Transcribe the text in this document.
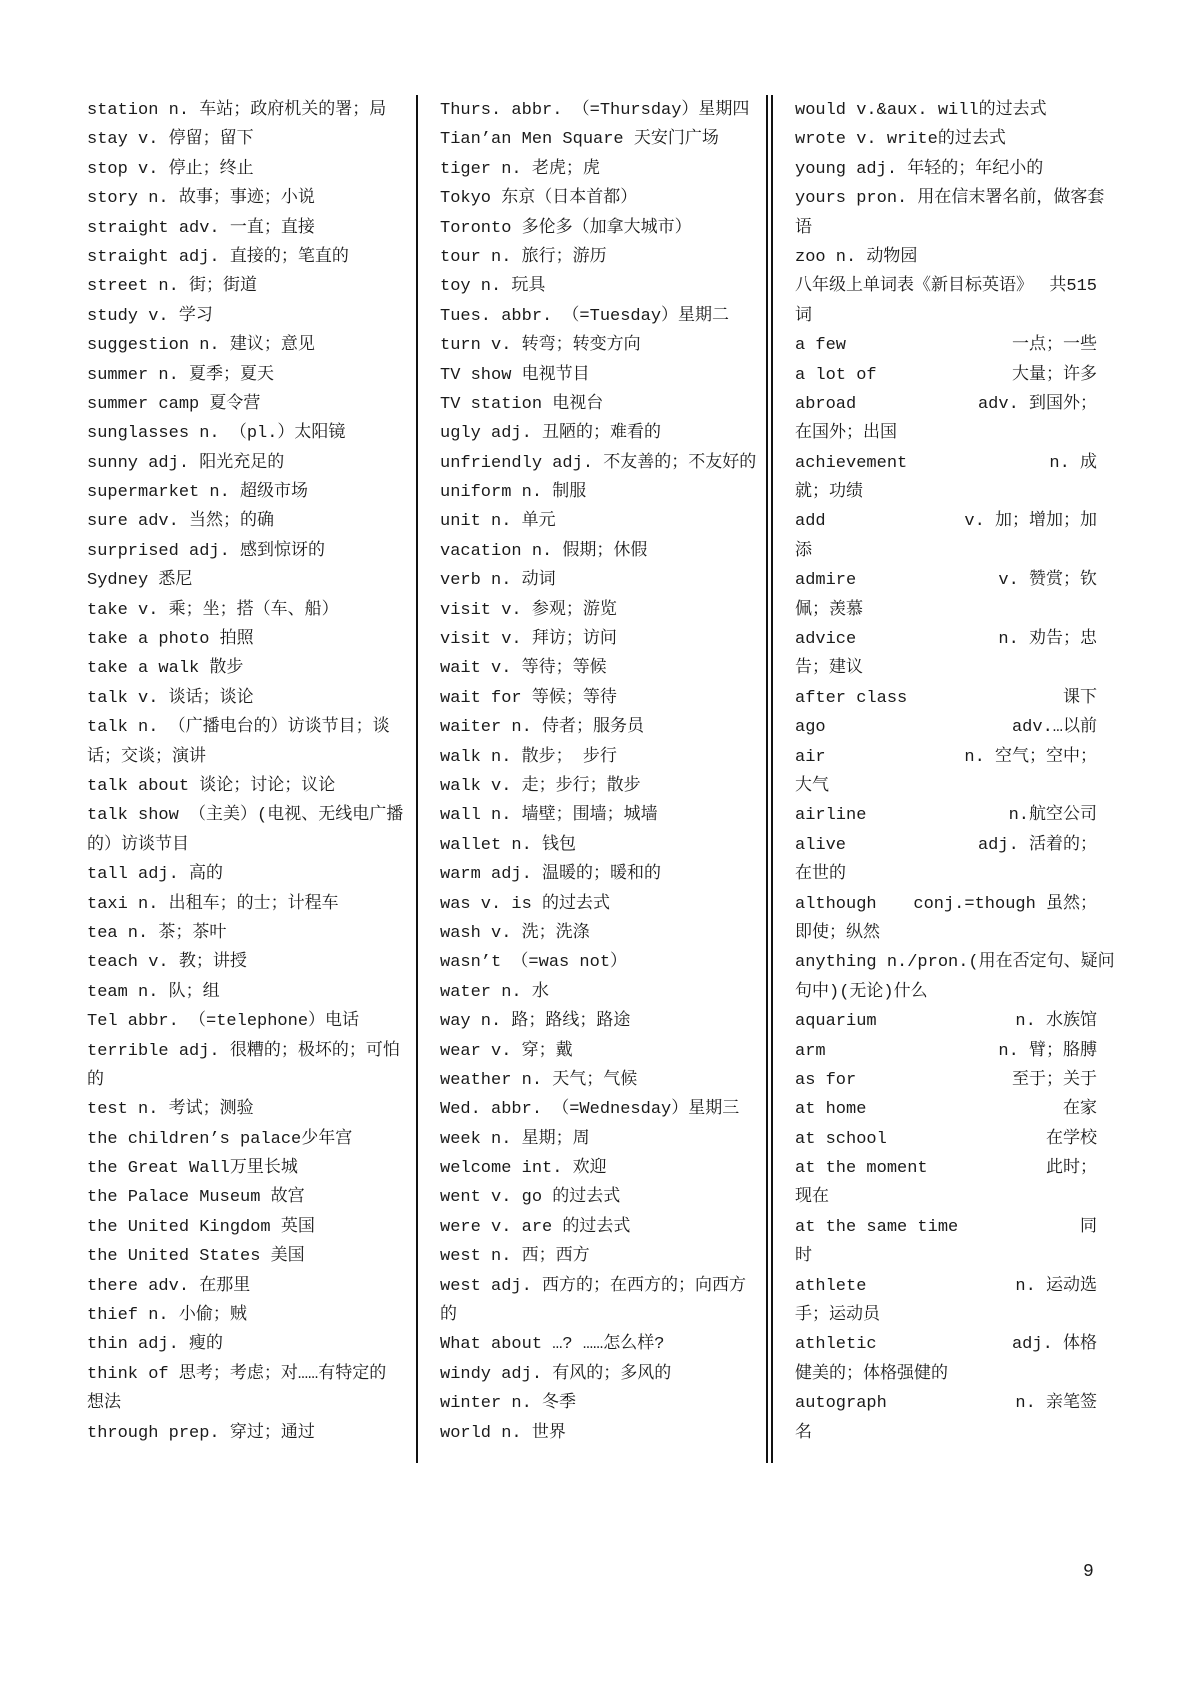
station n. 车站；政府机关的署；局
stay v. 停留；留下
stop v. 停止；终止
story n. 故事；事迹；小说
straight adv. 一直；直接
straight adj. 直接的；笔直的
street n. 街；街道
study v. 学习
suggestion n. 建议；意见
summer n. 夏季；夏天
summer camp 夏令营
sunglasses n. （pl.）太阳镜
sunny adj. 阳光充足的
supermarket n. 超级市场
sure adv. 当然；的确
surprised adj. 感到惊讶的
Sydney 悉尼
take v. 乘；坐；搭（车、船）
take a photo 拍照
take a walk 散步
talk v. 谈话；谈论
talk n. （广播电台的）访谈节目；谈
话；交谈；演讲
talk about 谈论；讨论；议论
talk show （主美）(电视、无线电广播
的）访谈节目
tall adj. 高的
taxi n. 出租车；的士；计程车
tea n. 茶；茶叶
teach v. 教；讲授
team n. 队；组
Tel abbr. （=telephone）电话
terrible adj. 很糟的；极坏的；可怕
的
test n. 考试；测验
the children’s palace少年宫
the Great Wall万里长城
the Palace Museum 故宫
the United Kingdom 英国
the United States 美国
there adv. 在那里
thief n. 小偷；贼
thin adj. 瘦的
think of 思考；考虑；对……有特定的
想法
through prep. 穿过；通过
Thurs. abbr. （=Thursday）星期四
Tian’an Men Square 天安门广场
tiger n. 老虎；虎
Tokyo 东京（日本首都）
Toronto 多伦多（加拿大城市）
tour n. 旅行；游历
toy n. 玩具
Tues. abbr. （=Tuesday）星期二
turn v. 转弯；转变方向
TV show 电视节目
TV station 电视台
ugly adj. 丑陋的；难看的
unfriendly adj. 不友善的；不友好的
uniform n. 制服
unit n. 单元
vacation n. 假期；休假
verb n. 动词
visit v. 参观；游览
visit v. 拜访；访问
wait v. 等待；等候
wait for 等候；等待
waiter n. 侍者；服务员
walk n. 散步； 步行
walk v. 走；步行；散步
wall n. 墙壁；围墙；城墙
wallet n. 钱包
warm adj. 温暖的；暖和的
was v. is 的过去式
wash v. 洗；洗涤
wasn’t （=was not）
water n. 水
way n. 路；路线；路途
wear v. 穿；戴
weather n. 天气；气候
Wed. abbr. （=Wednesday）星期三
week n. 星期；周
welcome int. 欢迎
went v. go 的过去式
were v. are 的过去式
west n. 西；西方
west adj. 西方的；在西方的；向西方
的
What about …? ……怎么样?
windy adj. 有风的；多风的
winter n. 冬季
world n. 世界
would v.&aux. will的过去式
wrote v. write的过去式
young adj. 年轻的；年纪小的
yours pron. 用在信末署名前，做客套
语
zoo n. 动物园
八年级上单词表《新目标英语》 共515
词
a few	一点；一些
a lot of	大量；许多
abroad	adv. 到国外；
在国外；出国
achievement	n. 成
就；功绩
add	v. 加；增加；加
添
admire	v. 赞赏；钦
佩；羡慕
advice	n. 劝告；忠
告；建议
after class	课下
ago	adv.…以前
air	n. 空气；空中；
大气
airline	n.航空公司
alive	adj. 活着的；
在世的
although conj.=though 虽然；
即使；纵然
anything n./pron.(用在否定句、疑问
句中)(无论)什么
aquarium	n. 水族馆
arm	n. 臂；胳膊
as for	至于；关于
at home	在家
at school	在学校
at the moment	此时；
现在
at the same time	同
时
athlete	n. 运动选
手；运动员
athletic	adj. 体格
健美的；体格强健的
autograph	n. 亲笔签
名
9
